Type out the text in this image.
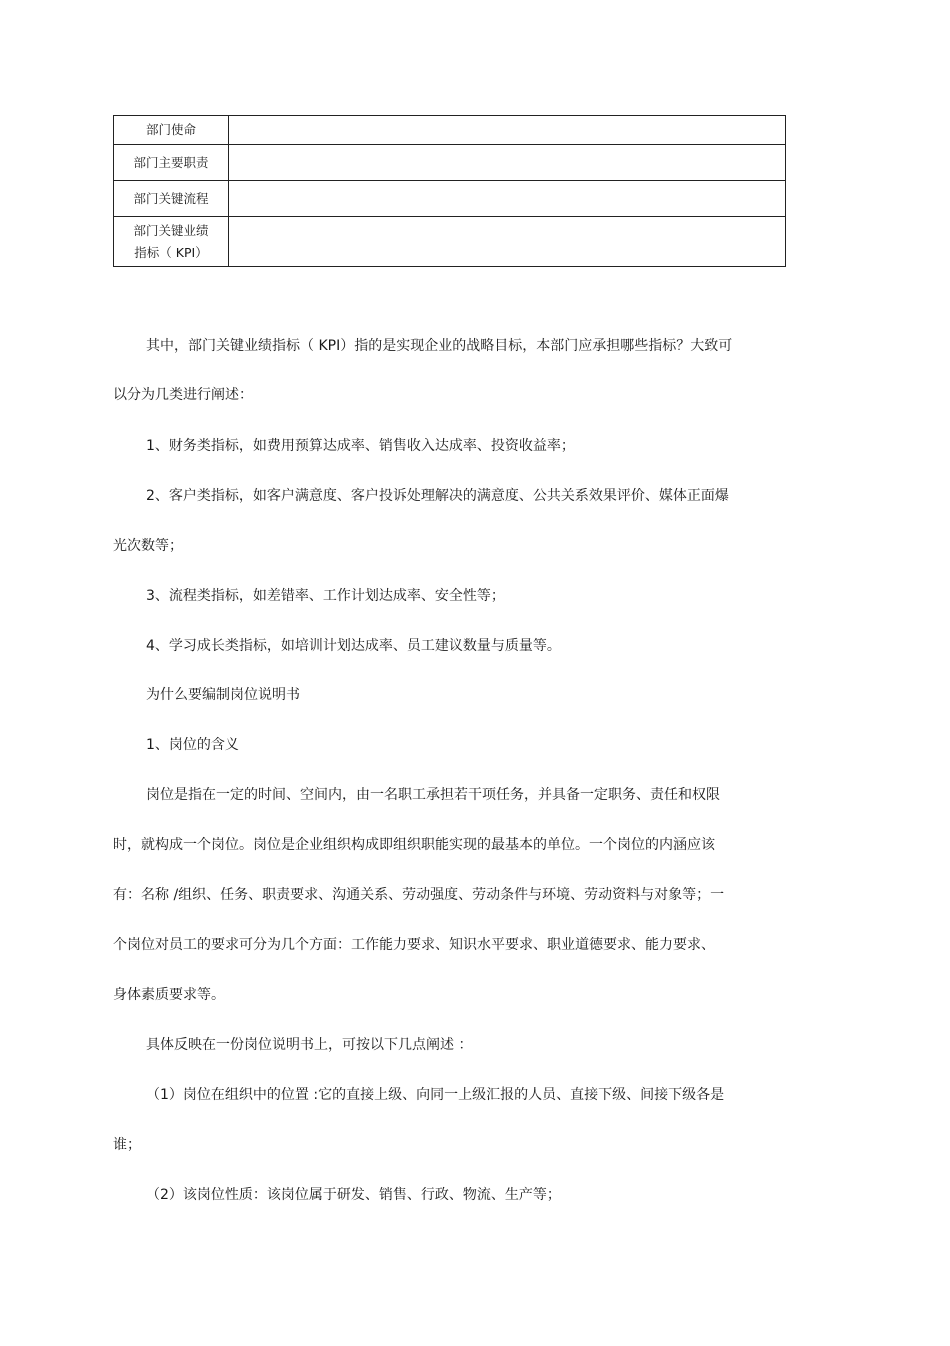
部门使命	
部门主要职责	
部门关键流程	

部门关键业绩
指标（ KPI）	

其中，部门关键业绩指标（ KPI）指的是实现企业的战略目标，本部门应承担哪些指标？大致可
以分为几类进行阐述：
1、财务类指标，如费用预算达成率、销售收入达成率、投资收益率；
2、客户类指标，如客户满意度、客户投诉处理解决的满意度、公共关系效果评价、媒体正面爆
光次数等；
3、流程类指标，如差错率、工作计划达成率、安全性等；
4、学习成长类指标，如培训计划达成率、员工建议数量与质量等。
为什么要编制岗位说明书
1、岗位的含义
岗位是指在一定的时间、空间内，由一名职工承担若干项任务，并具备一定职务、责任和权限
时，就构成一个岗位。岗位是企业组织构成即组织职能实现的最基本的单位。一个岗位的内涵应该
有：名称 /组织、任务、职责要求、沟通关系、劳动强度、劳动条件与环境、劳动资料与对象等；一
个岗位对员工的要求可分为几个方面：工作能力要求、知识水平要求、职业道德要求、能力要求、
身体素质要求等。
具体反映在一份岗位说明书上，可按以下几点阐述 ：
（1）岗位在组织中的位置 :它的直接上级、向同一上级汇报的人员、直接下级、间接下级各是
谁；
（2）该岗位性质：该岗位属于研发、销售、行政、物流、生产等；
